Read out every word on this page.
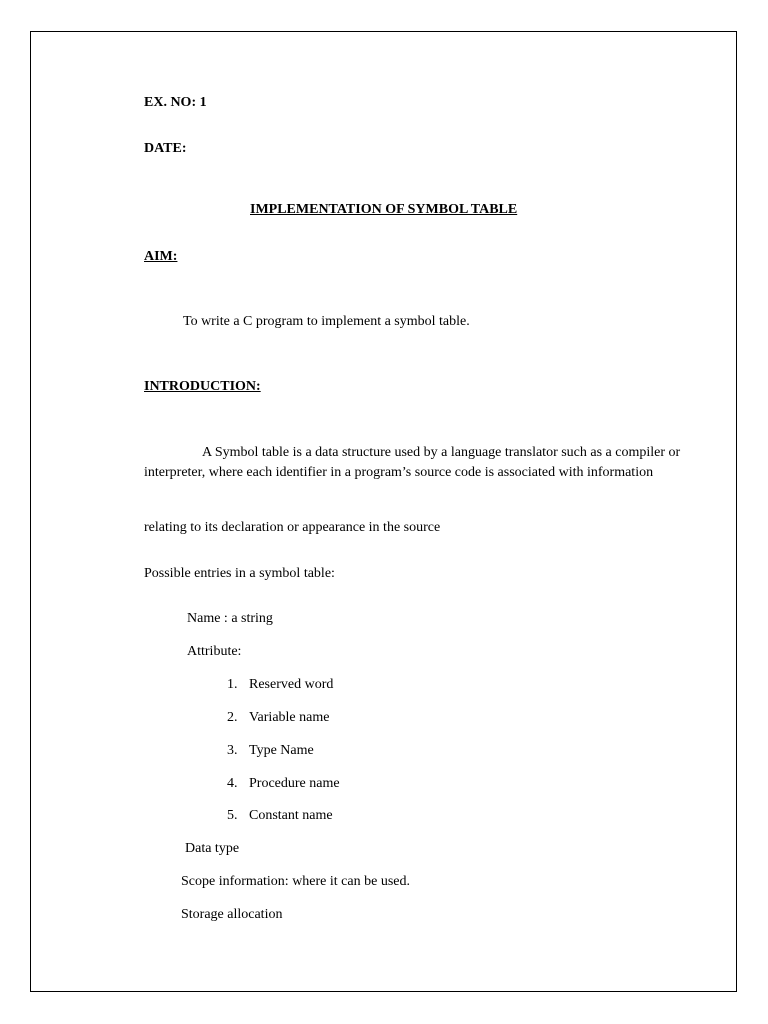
EX. NO: 1
DATE:
IMPLEMENTATION OF SYMBOL TABLE
AIM:
To write a C program to implement a symbol table.
INTRODUCTION:
A Symbol table is a data structure used by a language translator such as a compiler or interpreter, where each identifier in a program’s source code is associated with information
relating to its declaration or appearance in the source
Possible entries in a symbol table:
Name : a string
Attribute:
1. Reserved word
2. Variable name
3. Type Name
4. Procedure name
5. Constant name
Data type
Scope information: where it can be used.
Storage allocation
